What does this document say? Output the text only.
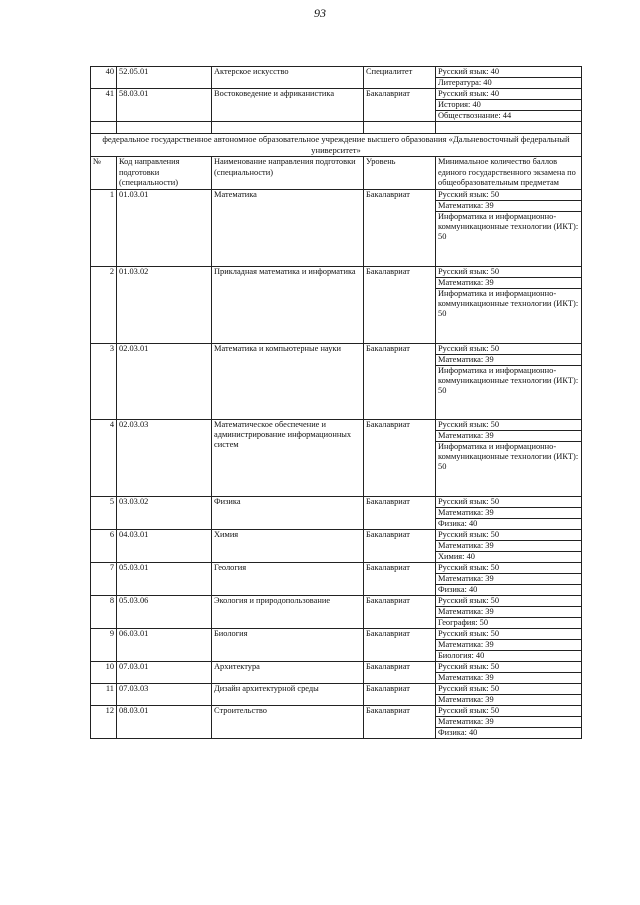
93
40	52.05.01	Актерское искусство	Специалитет	Русский язык: 40
Литература: 40

41	58.03.01	Востоковедение и африканистика	Бакалавриат	Русский язык: 40
История: 40
Обществознание: 44

федеральное государственное автономное образовательное учреждение высшего образования «Дальневосточный федеральный университет»				
№	Код направления подготовки (специальности)	Наименование направления подготовки (специальности)	Уровень	Минимальное количество баллов единого государственного экзамена по общеобразовательным предметам
1	01.03.01	Математика	Бакалавриат	Русский язык: 50
Математика: 39
Информатика и информационно-коммуникационные технологии (ИКТ): 50

2	01.03.02	Прикладная математика и информатика	Бакалавриат	Русский язык: 50
Математика: 39
Информатика и информационно-коммуникационные технологии (ИКТ): 50

3	02.03.01	Математика и компьютерные науки	Бакалавриат	Русский язык: 50
Математика: 39
Информатика и информационно-коммуникационные технологии (ИКТ): 50

4	02.03.03	Математическое обеспечение и администрирование информационных систем	Бакалавриат	Русский язык: 50
Математика: 39
Информатика и информационно-коммуникационные технологии (ИКТ): 50

5	03.03.02	Физика	Бакалавриат	Русский язык: 50
Математика: 39
Физика: 40

6	04.03.01	Химия	Бакалавриат	Русский язык: 50
Математика: 39
Химия: 40

7	05.03.01	Геология	Бакалавриат	Русский язык: 50
Математика: 39
Физика: 40

8	05.03.06	Экология и природопользование	Бакалавриат	Русский язык: 50
Математика: 39
География: 50

9	06.03.01	Биология	Бакалавриат	Русский язык: 50
Математика: 39
Биология: 40

10	07.03.01	Архитектура	Бакалавриат	Русский язык: 50
Математика: 39

11	07.03.03	Дизайн архитектурной среды	Бакалавриат	Русский язык: 50
Математика: 39

12	08.03.01	Строительство	Бакалавриат	Русский язык: 50
Математика: 39
Физика: 40
